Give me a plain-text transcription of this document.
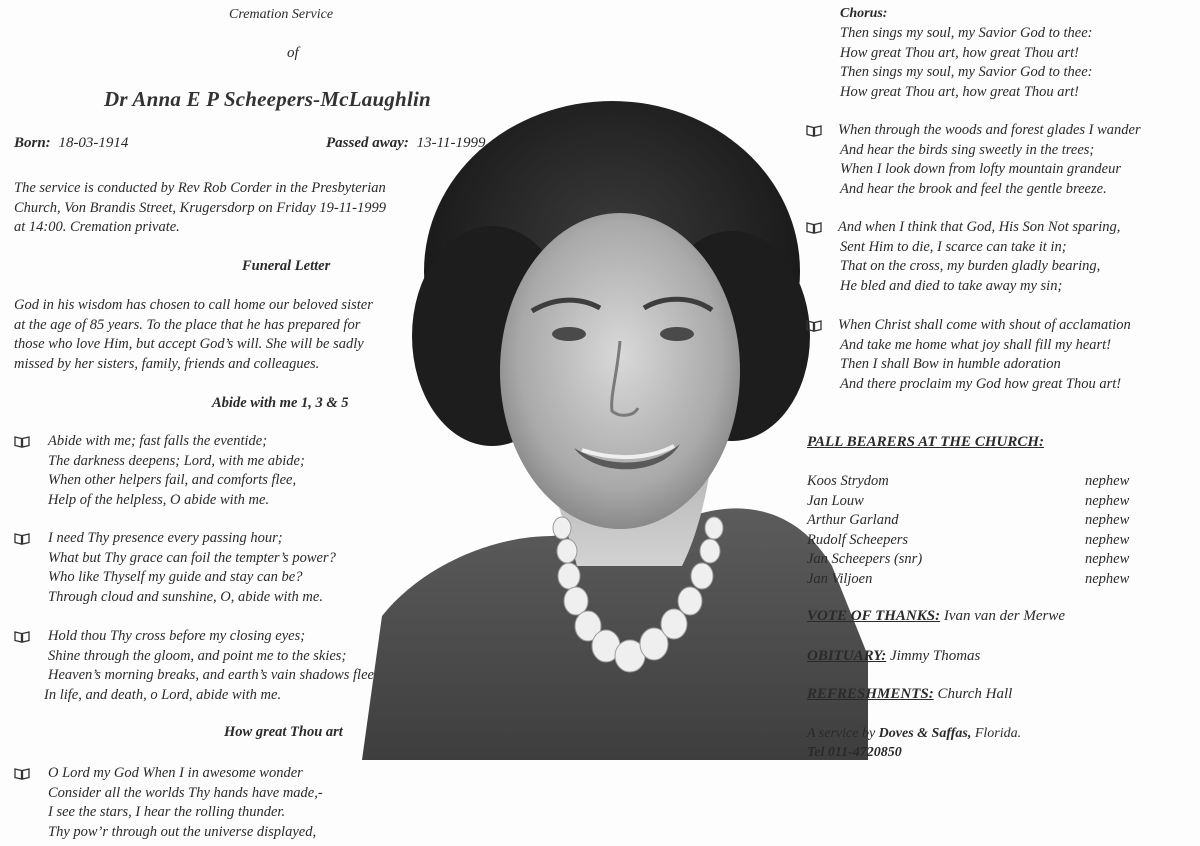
Cremation Service
of
Dr Anna E P Scheepers-McLaughlin
Born: 18-03-1914	Passed away: 13-11-1999
The service is conducted by Rev Rob Corder in the Presbyterian
Church, Von Brandis Street, Krugersdorp on Friday 19-11-1999
at 14:00. Cremation private.
Funeral Letter
God in his wisdom has chosen to call home our beloved sister
at the age of 85 years. To the place that he has prepared for
those who love Him, but accept God’s will. She will be sadly
missed by her sisters, family, friends and colleagues.
Abide with me 1, 3 & 5
Abide with me; fast falls the eventide;
The darkness deepens; Lord, with me abide;
When other helpers fail, and comforts flee,
Help of the helpless, O abide with me.
I need Thy presence every passing hour;
What but Thy grace can foil the tempter’s power?
Who like Thyself my guide and stay can be?
Through cloud and sunshine, O, abide with me.
Hold thou Thy cross before my closing eyes;
Shine through the gloom, and point me to the skies;
Heaven’s morning breaks, and earth’s vain shadows flee
In life, and death, o Lord, abide with me.
How great Thou art
O Lord my God When I in awesome wonder
Consider all the worlds Thy hands have made,-
I see the stars, I hear the rolling thunder.
Thy pow’r through out the universe displayed,
Chorus:
Then sings my soul, my Savior God to thee:
How great Thou art, how great Thou art!
Then sings my soul, my Savior God to thee:
How great Thou art, how great Thou art!
When through the woods and forest glades I wander
And hear the birds sing sweetly in the trees;
When I look down from lofty mountain grandeur
And hear the brook and feel the gentle breeze.
And when I think that God, His Son Not sparing,
Sent Him to die, I scarce can take it in;
That on the cross, my burden gladly bearing,
He bled and died to take away my sin;
When Christ shall come with shout of acclamation
And take me home what joy shall fill my heart!
Then I shall Bow in humble adoration
And there proclaim my God how great Thou art!
PALL BEARERS AT THE CHURCH:
Koos Strydom	nephew
Jan Louw	nephew
Arthur Garland	nephew
Rudolf Scheepers	nephew
Jan Scheepers (snr)	nephew
Jan Viljoen	nephew
VOTE OF THANKS: Ivan van der Merwe
OBITUARY: Jimmy Thomas
REFRESHMENTS: Church Hall
A service by Doves & Saffas, Florida.
Tel 011-4720850
